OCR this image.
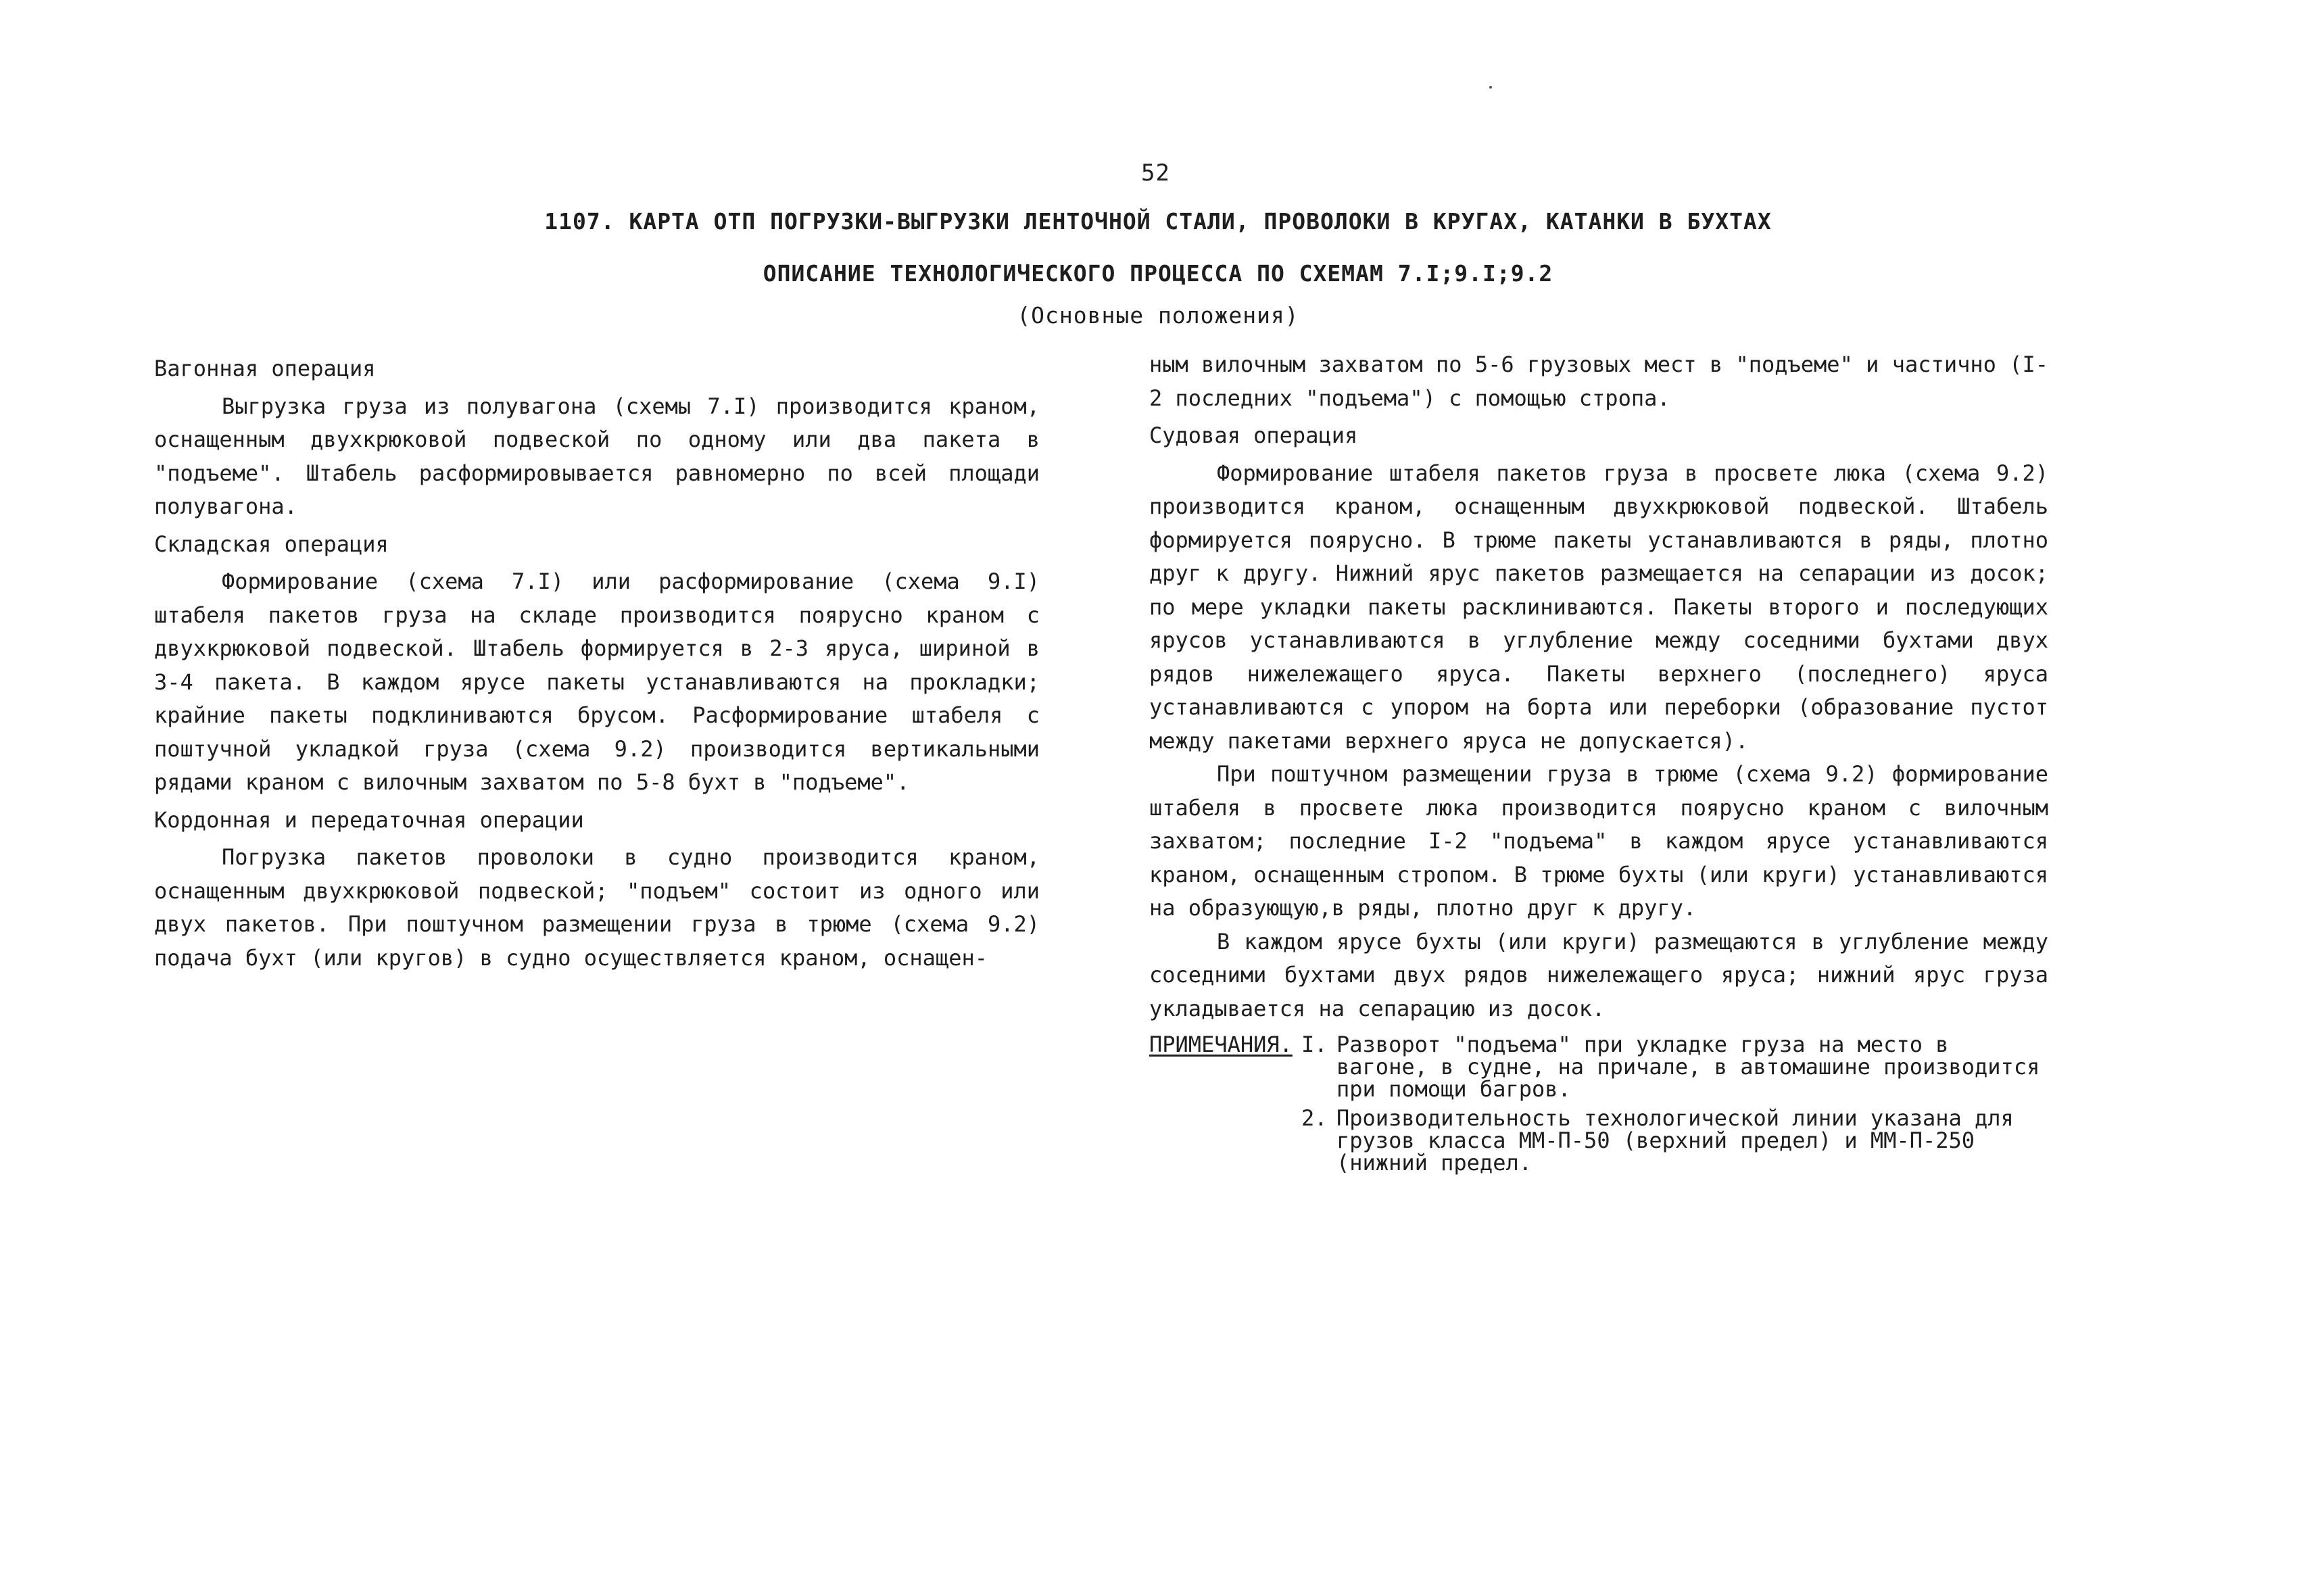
52
1107. КАРТА ОТП ПОГРУЗКИ-ВЫГРУЗКИ ЛЕНТОЧНОЙ СТАЛИ, ПРОВОЛОКИ В КРУГАХ, КАТАНКИ В БУХТАХ
ОПИСАНИЕ ТЕХНОЛОГИЧЕСКОГО ПРОЦЕССА ПО СХЕМАМ 7.I;9.I;9.2
(Основные положения)

Вагонная операция

Выгрузка груза из полувагона (схемы 7.I) производится краном, оснащенным двухкрюковой подвеской по одному или два пакета в "подъеме". Штабель расформировывается равномерно по всей площади полувагона.

Складская операция

Формирование (схема 7.I) или расформирование (схема 9.I) штабеля пакетов груза на складе производится поярусно краном с двухкрюковой подвеской. Штабель формируется в 2-3 яруса, шириной в 3-4 пакета. В каждом ярусе пакеты устанавливаются на прокладки; крайние пакеты подклиниваются брусом. Расформирование штабеля с поштучной укладкой груза (схема 9.2) производится вертикальными рядами краном с вилочным захватом по 5-8 бухт в "подъеме".

Кордонная и передаточная операции

Погрузка пакетов проволоки в судно производится краном, оснащенным двухкрюковой подвеской; "подъем" состоит из одного или двух пакетов. При поштучном размещении груза в трюме (схема 9.2) подача бухт (или кругов) в судно осуществляется краном, оснащен-

ным вилочным захватом по 5-6 грузовых мест в "подъеме" и частично (I-2 последних "подъема") с помощью стропа.

Судовая операция

Формирование штабеля пакетов груза в просвете люка (схема 9.2) производится краном, оснащенным двухкрюковой подвеской. Штабель формируется поярусно. В трюме пакеты устанавливаются в ряды, плотно друг к другу. Нижний ярус пакетов размещается на сепарации из досок; по мере укладки пакеты расклиниваются. Пакеты второго и последующих ярусов устанавливаются в углубление между соседними бухтами двух рядов нижележащего яруса. Пакеты верхнего (последнего) яруса устанавливаются с упором на борта или переборки (образование пустот между пакетами верхнего яруса не допускается).

При поштучном размещении груза в трюме (схема 9.2) формирование штабеля в просвете люка производится поярусно краном с вилочным захватом; последние I-2 "подъема" в каждом ярусе устанавливаются краном, оснащенным стропом. В трюме бухты (или круги) устанавливаются на образующую,в ряды, плотно друг к другу.

В каждом ярусе бухты (или круги) размещаются в углубление между соседними бухтами двух рядов нижележащего яруса; нижний ярус груза укладывается на сепарацию из досок.

ПРИМЕЧАНИЯ. I. Разворот "подъема" при укладке груза на место в вагоне, в судне, на причале, в автомашине производится при помощи багров.
2. Производительность технологической линии указана для грузов класса ММ-П-50 (верхний предел) и ММ-П-250 (нижний предел.
